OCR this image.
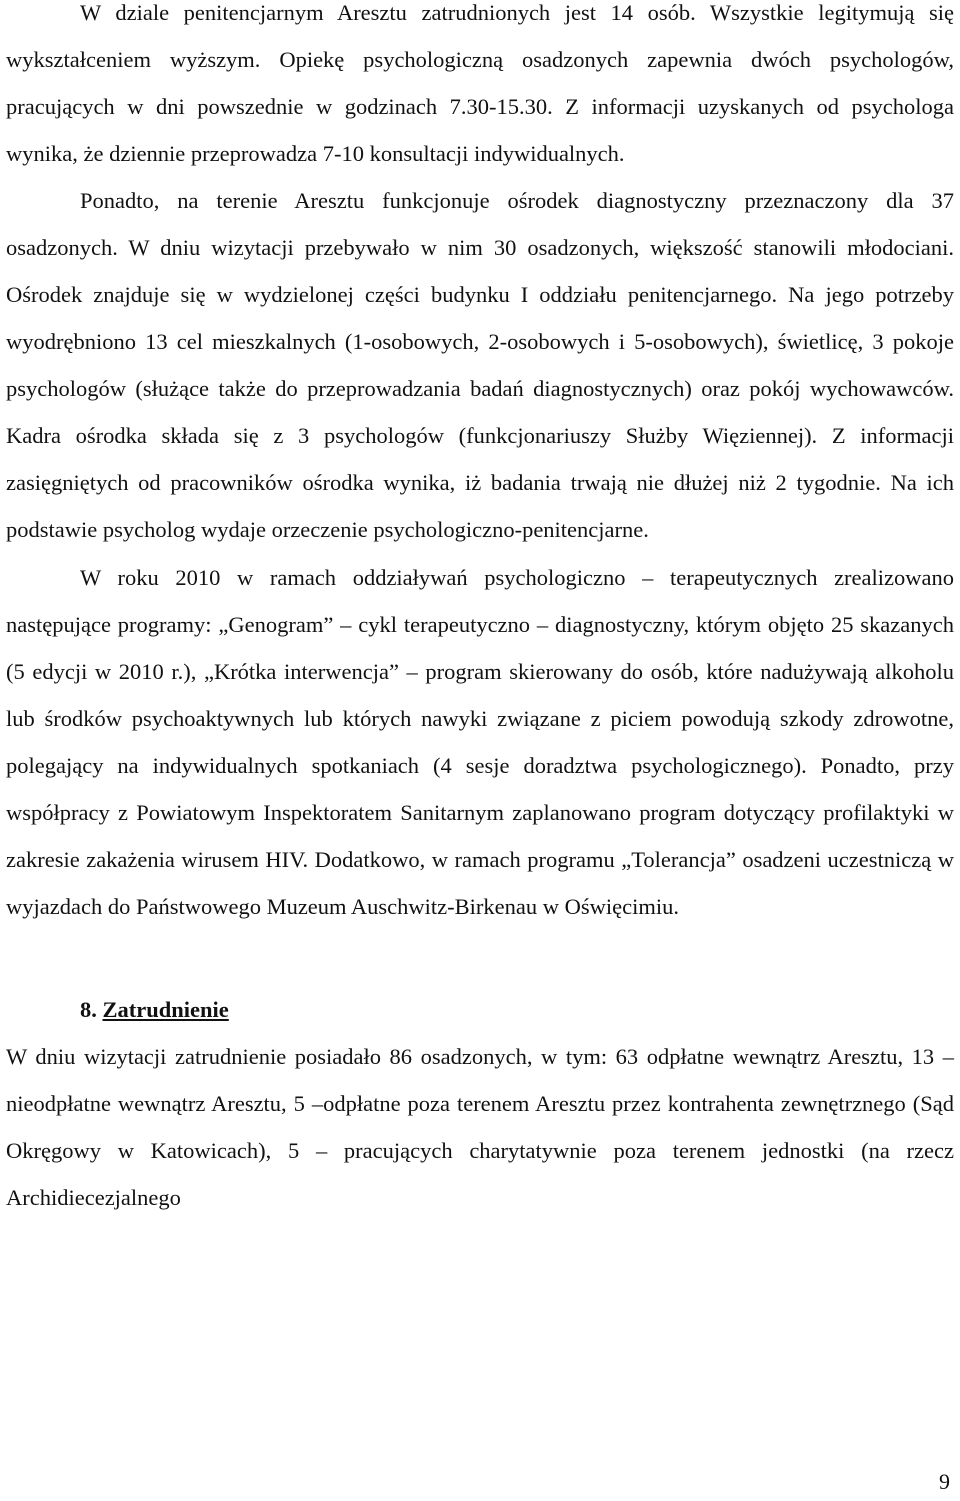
W dziale penitencjarnym Aresztu zatrudnionych jest 14 osób. Wszystkie legitymują się wykształceniem wyższym. Opiekę psychologiczną osadzonych zapewnia dwóch psychologów, pracujących w dni powszednie w godzinach 7.30-15.30. Z informacji uzyskanych od psychologa wynika, że dziennie przeprowadza 7-10 konsultacji indywidualnych.

Ponadto, na terenie Aresztu funkcjonuje ośrodek diagnostyczny przeznaczony dla 37 osadzonych. W dniu wizytacji przebywało w nim 30 osadzonych, większość stanowili młodociani. Ośrodek znajduje się w wydzielonej części budynku I oddziału penitencjarnego. Na jego potrzeby wyodrębniono 13 cel mieszkalnych (1-osobowych, 2-osobowych i 5-osobowych), świetlicę, 3 pokoje psychologów (służące także do przeprowadzania badań diagnostycznych) oraz pokój wychowawców. Kadra ośrodka składa się z 3 psychologów (funkcjonariuszy Służby Więziennej). Z informacji zasięgniętych od pracowników ośrodka wynika, iż badania trwają nie dłużej niż 2 tygodnie. Na ich podstawie psycholog wydaje orzeczenie psychologiczno-penitencjarne.

W roku 2010 w ramach oddziaływań psychologiczno – terapeutycznych zrealizowano następujące programy: „Genogram” – cykl terapeutyczno – diagnostyczny, którym objęto 25 skazanych (5 edycji w 2010 r.), „Krótka interwencja” – program skierowany do osób, które nadużywają alkoholu lub środków psychoaktywnych lub których nawyki związane z piciem powodują szkody zdrowotne, polegający na indywidualnych spotkaniach (4 sesje doradztwa psychologicznego). Ponadto, przy współpracy z Powiatowym Inspektoratem Sanitarnym zaplanowano program dotyczący profilaktyki w zakresie zakażenia wirusem HIV. Dodatkowo, w ramach programu „Tolerancja” osadzeni uczestniczą w wyjazdach do Państwowego Muzeum Auschwitz-Birkenau w Oświęcimiu.

8. Zatrudnienie

W dniu wizytacji zatrudnienie posiadało 86 osadzonych, w tym: 63 odpłatne wewnątrz Aresztu, 13 –nieodpłatne wewnątrz Aresztu, 5 –odpłatne poza terenem Aresztu przez kontrahenta zewnętrznego (Sąd Okręgowy w Katowicach), 5 – pracujących charytatywnie poza terenem jednostki (na rzecz Archidiecezjalnego

9
